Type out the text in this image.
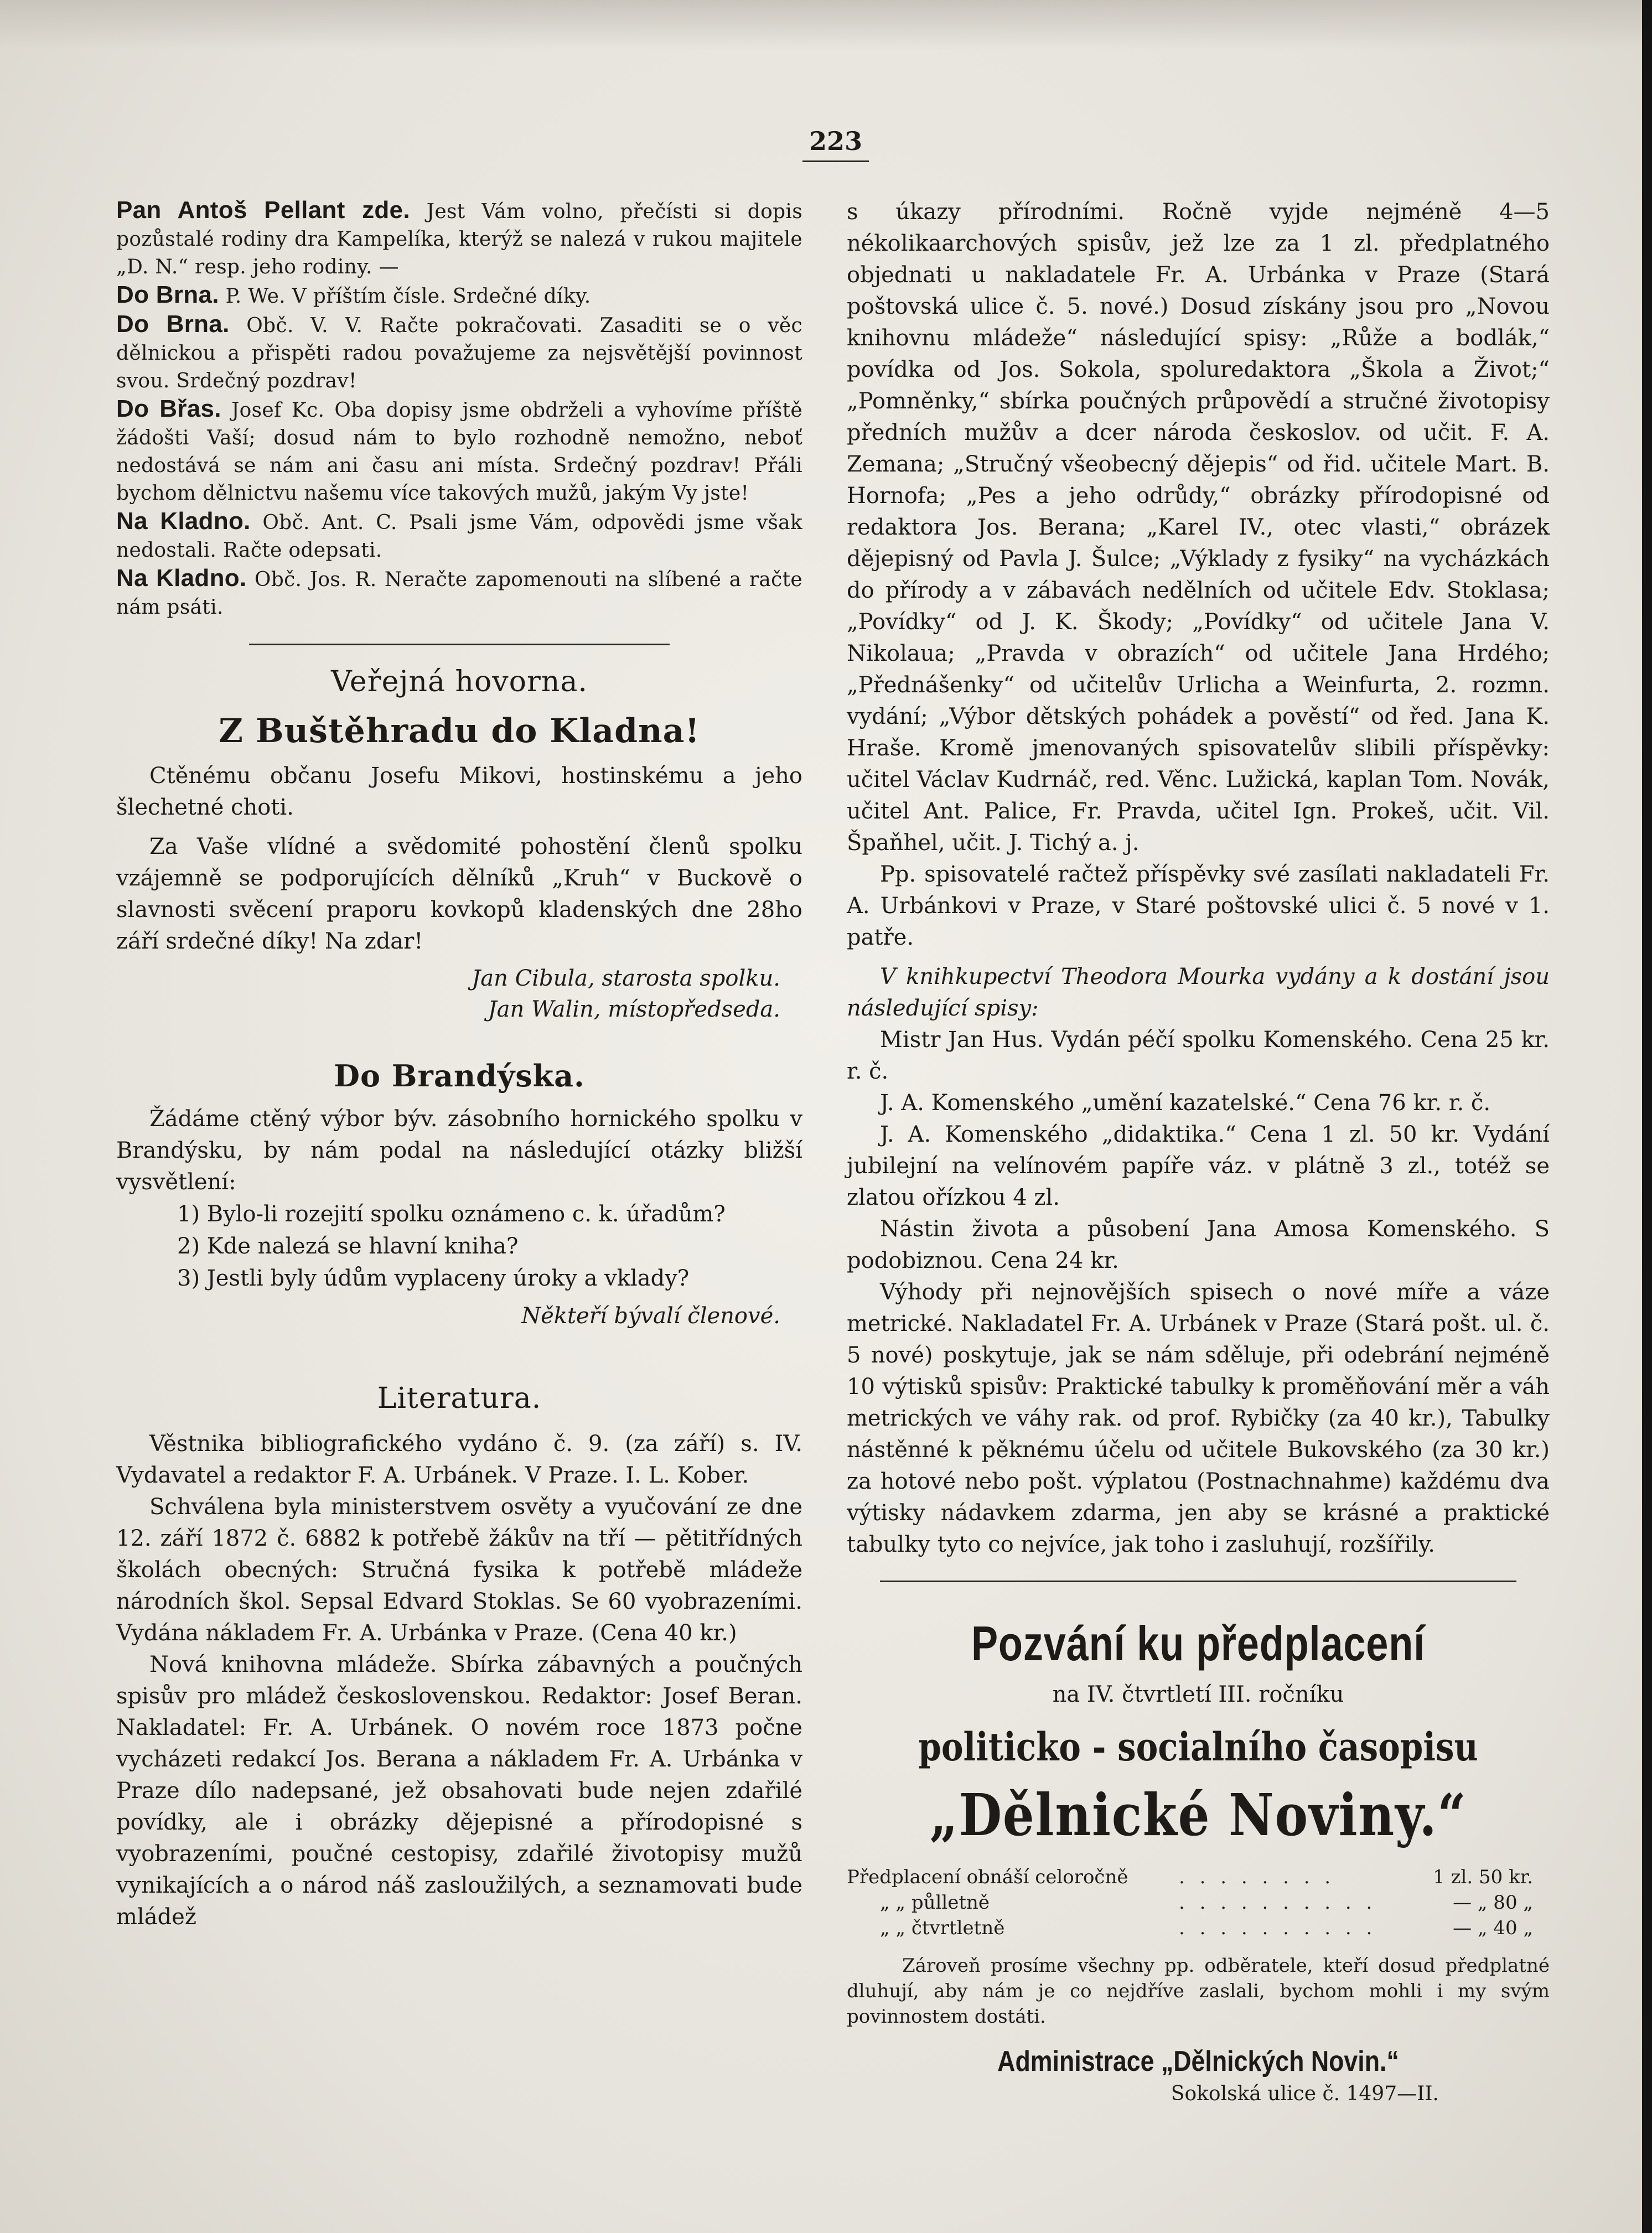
223

Pan Antoš Pellant zde. Jest Vám volno, přečísti si dopis pozůstalé rodiny dra Kampelíka, kterýž se nalezá v rukou majitele „D. N.“ resp. jeho rodiny. —

Do Brna. P. We. V příštím čísle. Srdečné díky.

Do Brna. Obč. V. V. Račte pokračovati. Zasaditi se o věc dělnickou a přispěti radou považujeme za nejsvětější povinnost svou. Srdečný pozdrav!

Do Břas. Josef Kc. Oba dopisy jsme obdrželi a vyhovíme příště žádošti Vaší; dosud nám to bylo rozhodně nemožno, neboť nedostává se nám ani času ani místa. Srdečný pozdrav! Přáli bychom dělnictvu našemu více takových mužů, jakým Vy jste!

Na Kladno. Obč. Ant. C. Psali jsme Vám, odpovědi jsme však nedostali. Račte odepsati.

Na Kladno. Obč. Jos. R. Neračte zapomenouti na slíbené a račte nám psáti.

Veřejná hovorna.
Z Buštěhradu do Kladna!

Ctěnému občanu Josefu Mikovi, hostinskému a jeho šlechetné choti.

Za Vaše vlídné a svědomité pohostění členů spolku vzájemně se podporujících dělníků „Kruh“ v Buckově o slavnosti svěcení praporu kovkopů kladenských dne 28ho září srdečné díky! Na zdar!

Jan Cibula, starosta spolku.
Jan Walin, místopředseda.
Do Brandýska.

Žádáme ctěný výbor býv. zásobního hornického spolku v Brandýsku, by nám podal na následující otázky bližší vysvětlení:

1) Bylo-li rozejití spolku oznámeno c. k. úřadům?
2) Kde nalezá se hlavní kniha?
3) Jestli byly údům vyplaceny úroky a vklady?
Někteří bývalí členové.
Literatura.

Věstnika bibliografického vydáno č. 9. (za září) s. IV. Vydavatel a redaktor F. A. Urbánek. V Praze. I. L. Kober.

Schválena byla ministerstvem osvěty a vyučování ze dne 12. září 1872 č. 6882 k potřebě žákův na tří — pětitřídných školách obecných: Stručná fysika k potřebě mládeže národních škol. Sepsal Edvard Stoklas. Se 60 vyobrazeními. Vydána nákladem Fr. A. Urbánka v Praze. (Cena 40 kr.)

Nová knihovna mládeže. Sbírka zábavných a poučných spisův pro mládež československou. Redaktor: Josef Beran. Nakladatel: Fr. A. Urbánek. O novém roce 1873 počne vycházeti redakcí Jos. Berana a nákladem Fr. A. Urbánka v Praze dílo nadepsané, jež obsahovati bude nejen zdařilé povídky, ale i obrázky dějepisné a přírodopisné s vyobrazeními, poučné cestopisy, zdařilé životopisy mužů vynikajících a o národ náš zasloužilých, a seznamovati bude mládež

s úkazy přírodními. Ročně vyjde nejméně 4—5 nékolikaarchových spisův, jež lze za 1 zl. předplatného objednati u nakladatele Fr. A. Urbánka v Praze (Stará poštovská ulice č. 5. nové.) Dosud získány jsou pro „Novou knihovnu mládeže“ následující spisy: „Růže a bodlák,“ povídka od Jos. Sokola, spoluredaktora „Škola a Život;“ „Pomněnky,“ sbírka poučných průpovědí a stručné životopisy předních mužův a dcer národa českoslov. od učit. F. A. Zemana; „Stručný všeobecný dějepis“ od řid. učitele Mart. B. Hornofa; „Pes a jeho odrůdy,“ obrázky přírodopisné od redaktora Jos. Berana; „Karel IV., otec vlasti,“ obrázek dějepisný od Pavla J. Šulce; „Výklady z fysiky“ na vycházkách do přírody a v zábavách nedělních od učitele Edv. Stoklasa; „Povídky“ od J. K. Škody; „Povídky“ od učitele Jana V. Nikolaua; „Pravda v obrazích“ od učitele Jana Hrdého; „Přednášenky“ od učitelův Urlicha a Weinfurta, 2. rozmn. vydání; „Výbor dětských pohádek a pověstí“ od řed. Jana K. Hraše. Kromě jmenovaných spisovatelův slibili příspěvky: učitel Václav Kudrnáč, red. Věnc. Lužická, kaplan Tom. Novák, učitel Ant. Palice, Fr. Pravda, učitel Ign. Prokeš, učit. Vil. Špaňhel, učit. J. Tichý a. j.

Pp. spisovatelé račtež příspěvky své zasílati nakladateli Fr. A. Urbánkovi v Praze, v Staré poštovské ulici č. 5 nové v 1. patře.

V knihkupectví Theodora Mourka vydány a k dostání jsou následující spisy:

Mistr Jan Hus. Vydán péčí spolku Komenského. Cena 25 kr. r. č.

J. A. Komenského „umění kazatelské.“ Cena 76 kr. r. č.

J. A. Komenského „didaktika.“ Cena 1 zl. 50 kr. Vydání jubilejní na velínovém papíře váz. v plátně 3 zl., totéž se zlatou ořízkou 4 zl.

Nástin života a působení Jana Amosa Komenského. S podobiznou. Cena 24 kr.

Výhody při nejnovějších spisech o nové míře a váze metrické. Nakladatel Fr. A. Urbánek v Praze (Stará pošt. ul. č. 5 nové) poskytuje, jak se nám sděluje, při odebrání nejméně 10 výtisků spisův: Praktické tabulky k proměňování měr a váh metrických ve váhy rak. od prof. Rybičky (za 40 kr.), Tabulky nástěnné k pěknému účelu od učitele Bukovského (za 30 kr.) za hotové nebo pošt. výplatou (Postnachnahme) každému dva výtisky nádavkem zdarma, jen aby se krásné a praktické tabulky tyto co nejvíce, jak toho i zasluhují, rozšířily.

Pozvání ku předplacení
na IV. čtvrtletí III. ročníku
politicko - socialního časopisu
„Dělnické Noviny.“
Předplacení obnáší celoročně	. . . . . . . .	1 zl. 50 kr.
„ „ půlletně	. . . . . . . . . .	— „ 80 „
„ „ čtvrtletně	. . . . . . . . . .	— „ 40 „

Zároveň prosíme všechny pp. odběratele, kteří dosud předplatné dluhují, aby nám je co nejdříve zaslali, bychom mohli i my svým povinnostem dostáti.

Administrace „Dělnických Novin.“
Sokolská ulice č. 1497—II.
